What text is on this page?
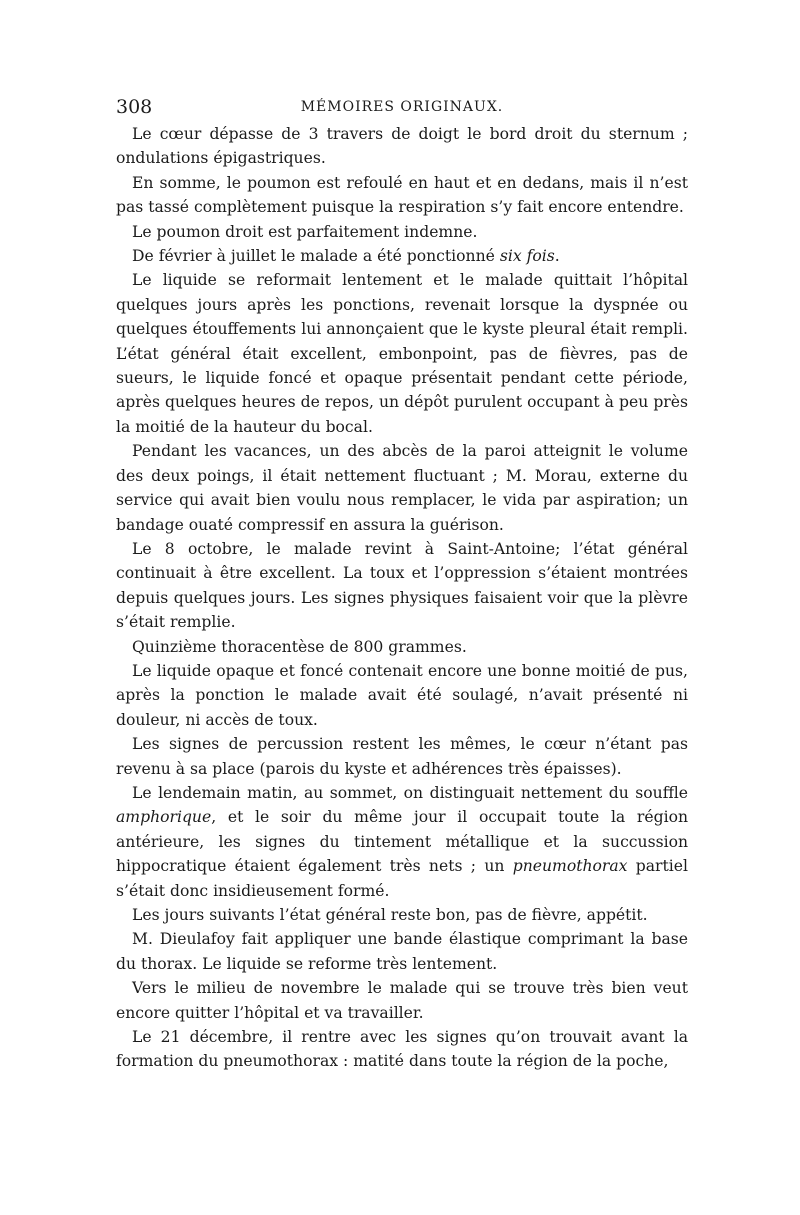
308	MÉMOIRES ORIGINAUX.

Le cœur dépasse de 3 travers de doigt le bord droit du sternum ; ondulations épigastriques.

En somme, le poumon est refoulé en haut et en dedans, mais il n’est pas tassé complètement puisque la respiration s’y fait encore entendre.

Le poumon droit est parfaitement indemne.

De février à juillet le malade a été ponctionné six fois.

Le liquide se reformait lentement et le malade quittait l’hôpital quelques jours après les ponctions, revenait lorsque la dyspnée ou quelques étouffements lui annonçaient que le kyste pleural était rempli. L’état général était excellent, embonpoint, pas de fièvres, pas de sueurs, le liquide foncé et opaque présentait pendant cette période, après quelques heures de repos, un dépôt purulent occupant à peu près la moitié de la hauteur du bocal.

Pendant les vacances, un des abcès de la paroi atteignit le volume des deux poings, il était nettement fluctuant ; M. Morau, externe du service qui avait bien voulu nous remplacer, le vida par aspiration; un bandage ouaté compressif en assura la guérison.

Le 8 octobre, le malade revint à Saint-Antoine; l’état général continuait à être excellent. La toux et l’oppression s’étaient montrées depuis quelques jours. Les signes physiques faisaient voir que la plèvre s’était remplie.

Quinzième thoracentèse de 800 grammes.

Le liquide opaque et foncé contenait encore une bonne moitié de pus, après la ponction le malade avait été soulagé, n’avait présenté ni douleur, ni accès de toux.

Les signes de percussion restent les mêmes, le cœur n’étant pas revenu à sa place (parois du kyste et adhérences très épaisses).

Le lendemain matin, au sommet, on distinguait nettement du souffle amphorique, et le soir du même jour il occupait toute la région antérieure, les signes du tintement métallique et la succussion hippocratique étaient également très nets ; un pneumothorax partiel s’était donc insidieusement formé.

Les jours suivants l’état général reste bon, pas de fièvre, appétit.

M. Dieulafoy fait appliquer une bande élastique comprimant la base du thorax. Le liquide se reforme très lentement.

Vers le milieu de novembre le malade qui se trouve très bien veut encore quitter l’hôpital et va travailler.

Le 21 décembre, il rentre avec les signes qu’on trouvait avant la formation du pneumothorax : matité dans toute la région de la poche,
